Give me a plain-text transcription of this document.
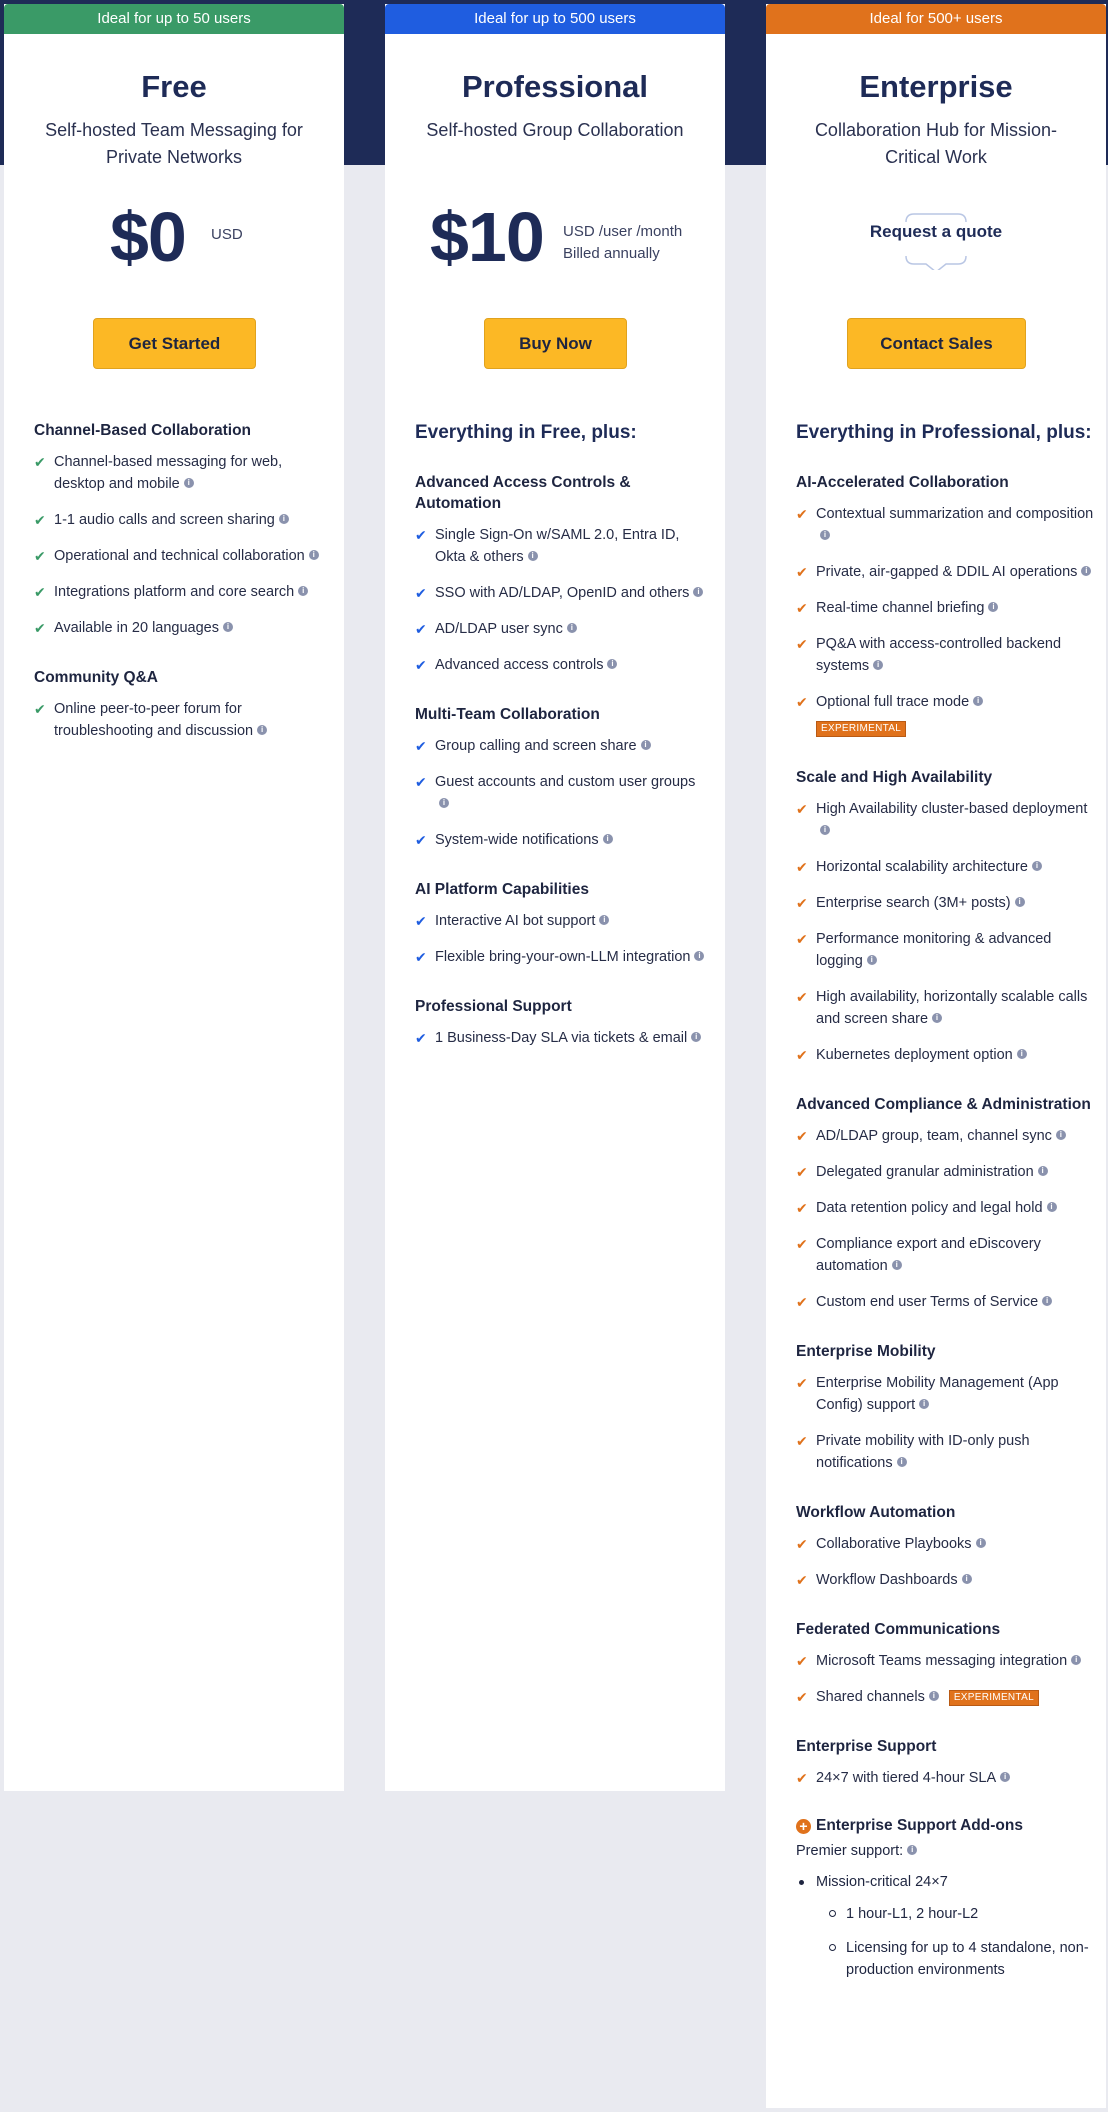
Ideal for up to 50 users
Free
Self-hosted Team Messaging for Private Networks
$0 USD
Get Started
Channel-Based Collaboration
✔ Channel-based messaging for web, desktop and mobile i
✔ 1-1 audio calls and screen sharing i
✔ Operational and technical collaboration i
✔ Integrations platform and core search i
✔ Available in 20 languages i
Community Q&A
✔ Online peer-to-peer forum for troubleshooting and discussion i
Ideal for up to 500 users
Professional
Self-hosted Group Collaboration
$10 USD /user /month
Billed annually
Buy Now
Everything in Free, plus:
Advanced Access Controls & Automation
✔ Single Sign-On w/SAML 2.0, Entra ID, Okta & others i
✔ SSO with AD/LDAP, OpenID and others i
✔ AD/LDAP user sync i
✔ Advanced access controls i
Multi-Team Collaboration
✔ Group calling and screen share i
✔ Guest accounts and custom user groupsi
✔ System-wide notifications i
AI Platform Capabilities
✔ Interactive AI bot support i
✔ Flexible bring-your-own-LLM integration i
Professional Support
✔ 1 Business-Day SLA via tickets & email i
Ideal for 500+ users
Enterprise
Collaboration Hub for Mission-Critical Work
Request a quote
Contact Sales
Everything in Professional, plus:
AI-Accelerated Collaboration
✔ Contextual summarization and compositioni
✔ Private, air-gapped & DDIL AI operations i
✔ Real-time channel briefing i
✔ PQ&A with access-controlled backend systems i
✔ Optional full trace mode i
EXPERIMENTAL
Scale and High Availability
✔ High Availability cluster-based deploymenti
✔ Horizontal scalability architecture i
✔ Enterprise search (3M+ posts) i
✔ Performance monitoring & advanced logging i
✔ High availability, horizontally scalable calls and screen share i
✔ Kubernetes deployment option i
Advanced Compliance & Administration
✔ AD/LDAP group, team, channel sync i
✔ Delegated granular administration i
✔ Data retention policy and legal hold i
✔ Compliance export and eDiscovery automation i
✔ Custom end user Terms of Service i
Enterprise Mobility
✔ Enterprise Mobility Management (App Config) support i
✔ Private mobility with ID-only push notifications i
Workflow Automation
✔ Collaborative Playbooks i
✔ Workflow Dashboards i
Federated Communications
✔ Microsoft Teams messaging integration i
✔ Shared channels i EXPERIMENTAL
Enterprise Support
✔ 24×7 with tiered 4-hour SLA i
+ Enterprise Support Add-ons
Premier support: i
Mission-critical 24×7
1 hour-L1, 2 hour-L2
Licensing for up to 4 standalone, non-production environments
